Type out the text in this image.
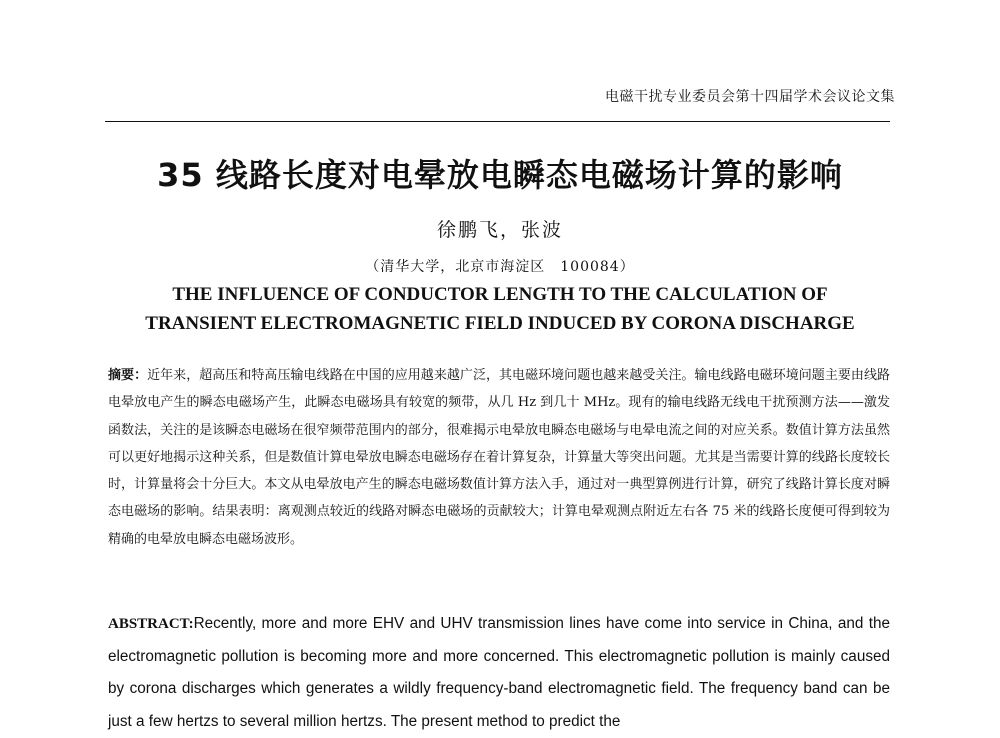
电磁干扰专业委员会第十四届学术会议论文集
35 线路长度对电晕放电瞬态电磁场计算的影响
徐鹏飞，张波
（清华大学，北京市海淀区　100084）
THE INFLUENCE OF CONDUCTOR LENGTH TO THE CALCULATION OF
TRANSIENT ELECTROMAGNETIC FIELD INDUCED BY CORONA DISCHARGE
摘要：近年来，超高压和特高压输电线路在中国的应用越来越广泛，其电磁环境问题也越来越受关注。输电线路电磁环境问题主要由线路电晕放电产生的瞬态电磁场产生，此瞬态电磁场具有较宽的频带，从几 Hz 到几十 MHz。现有的输电线路无线电干扰预测方法——激发函数法，关注的是该瞬态电磁场在很窄频带范围内的部分，很难揭示电晕放电瞬态电磁场与电晕电流之间的对应关系。数值计算方法虽然可以更好地揭示这种关系，但是数值计算电晕放电瞬态电磁场存在着计算复杂，计算量大等突出问题。尤其是当需要计算的线路长度较长时，计算量将会十分巨大。本文从电晕放电产生的瞬态电磁场数值计算方法入手，通过对一典型算例进行计算，研究了线路计算长度对瞬态电磁场的影响。结果表明：离观测点较近的线路对瞬态电磁场的贡献较大；计算电晕观测点附近左右各 75 米的线路长度便可得到较为精确的电晕放电瞬态电磁场波形。
ABSTRACT:Recently, more and more EHV and UHV transmission lines have come into service in China, and the electromagnetic pollution is becoming more and more concerned. This electromagnetic pollution is mainly caused by corona discharges which generates a wildly frequency-band electromagnetic field. The frequency band can be just a few hertzs to several million hertzs. The present method to predict the
